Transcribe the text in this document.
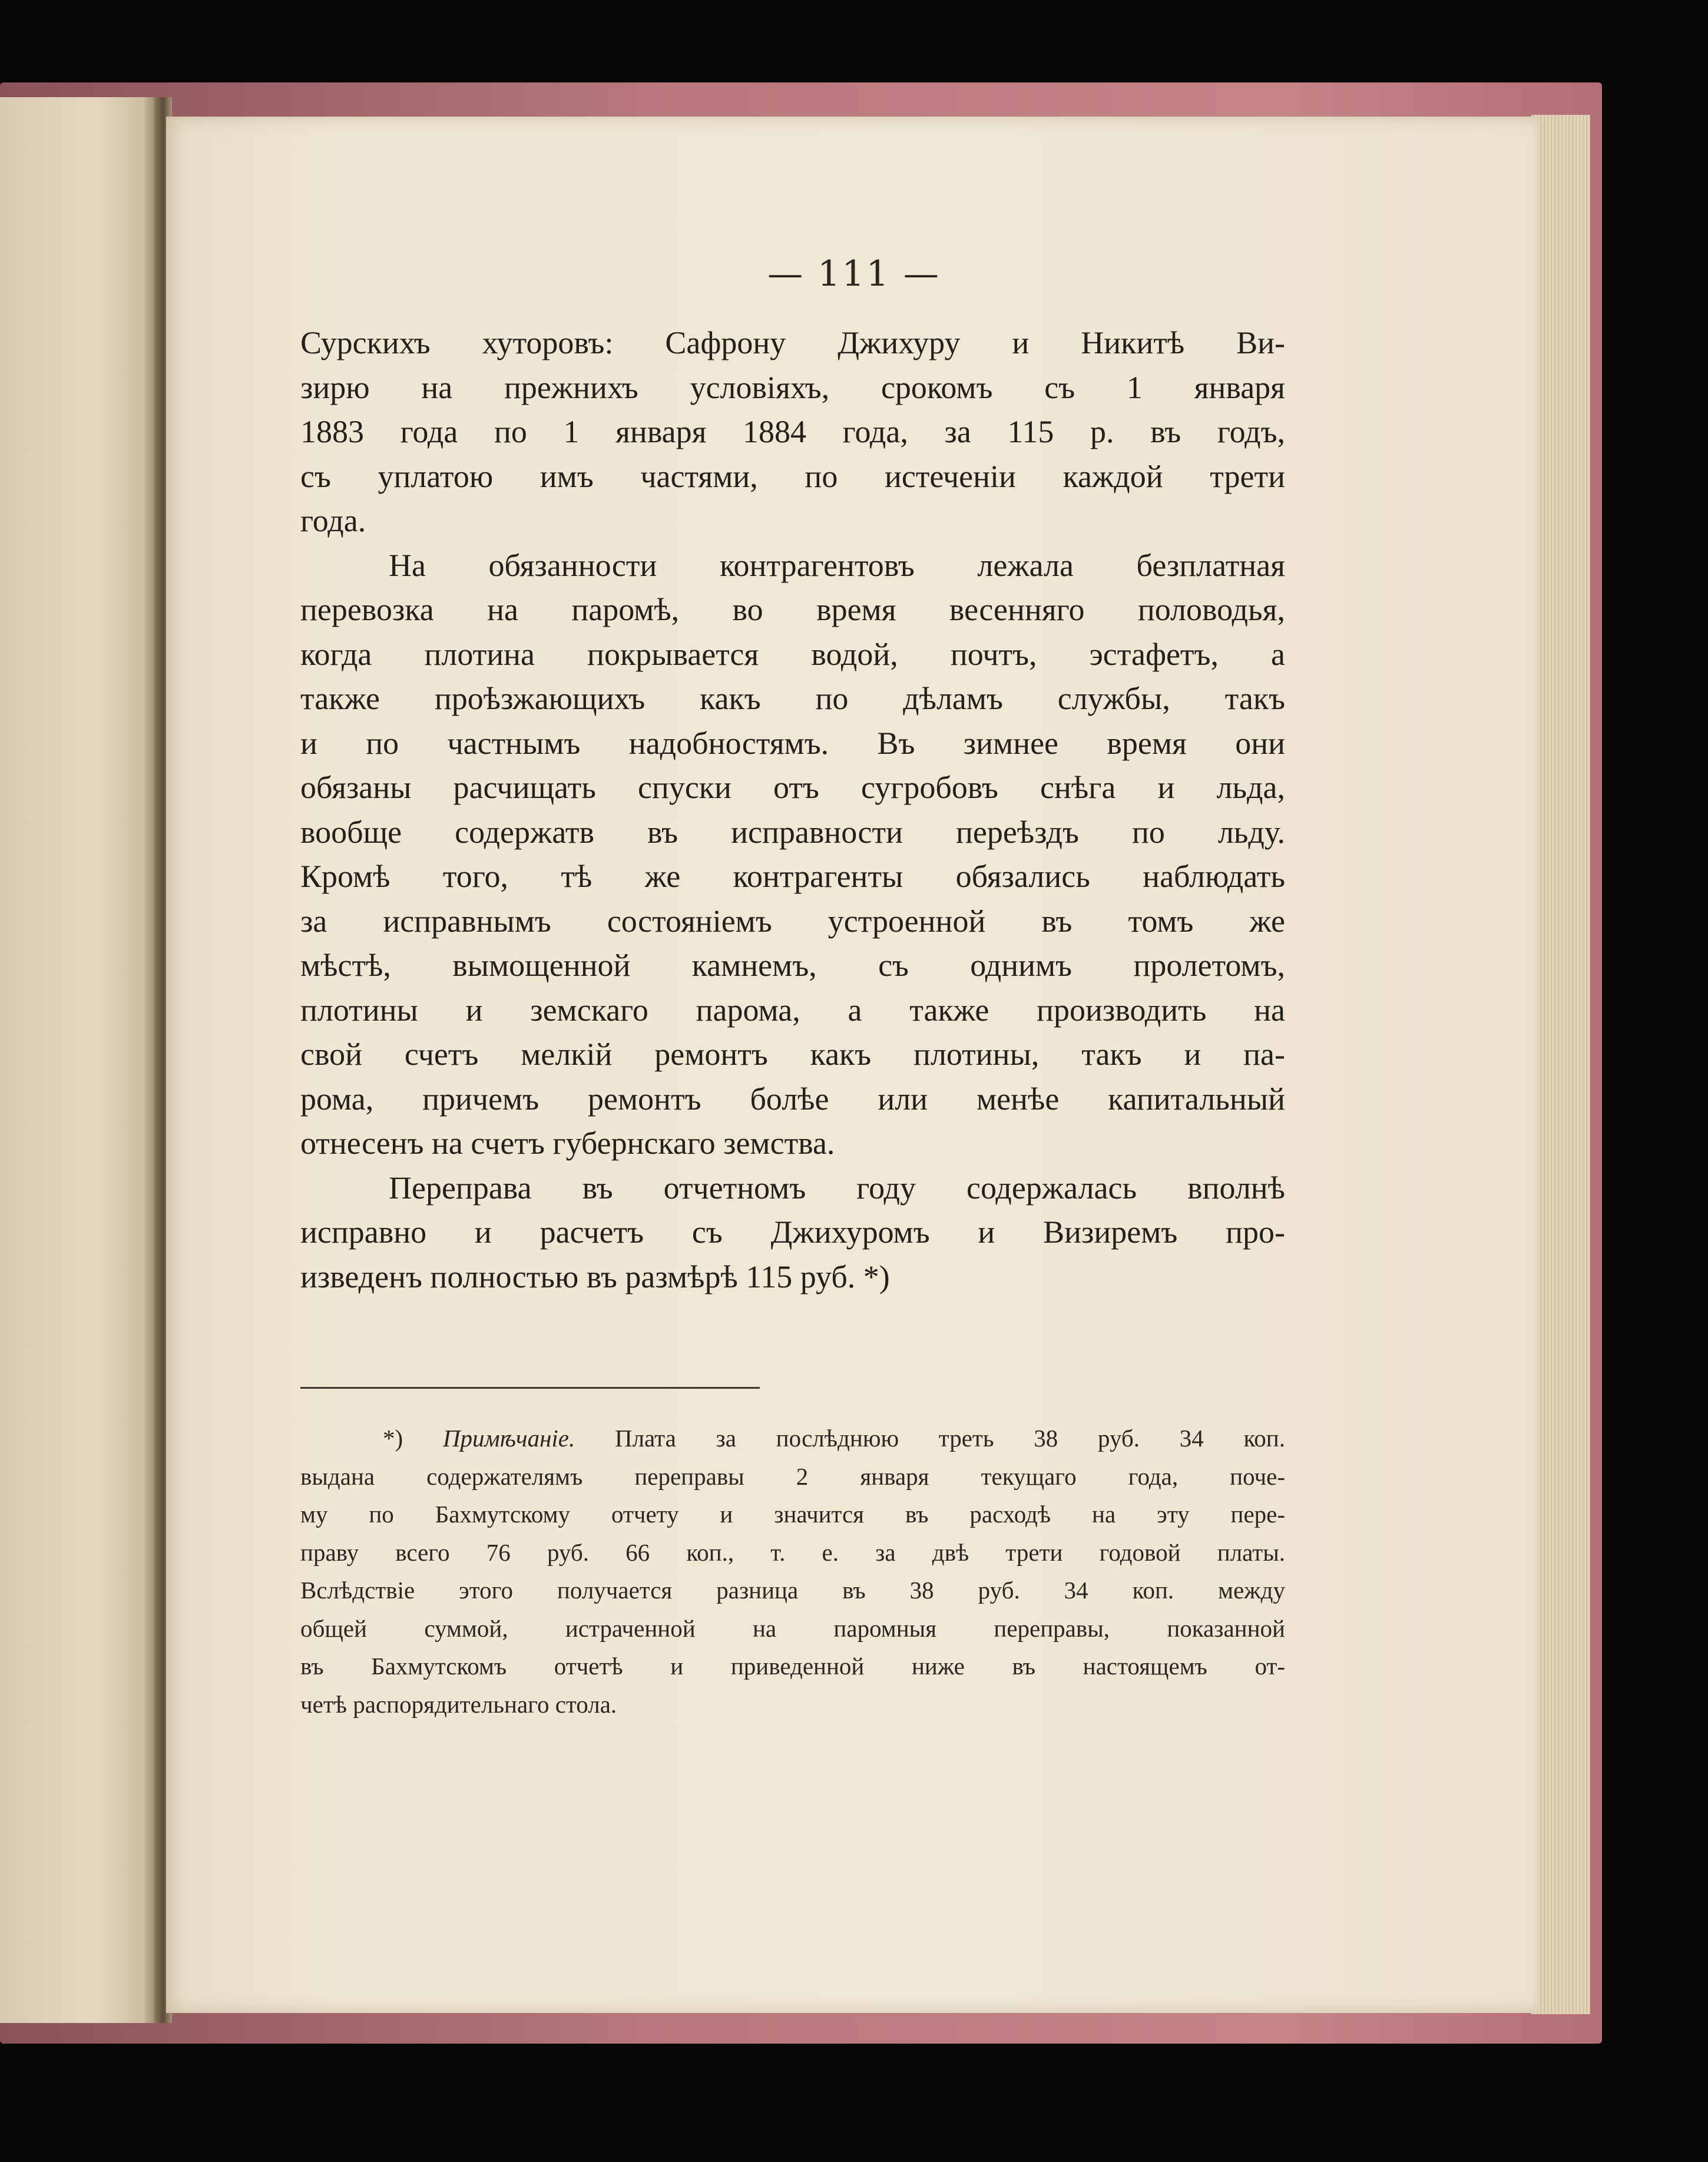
— 111 —
Сурскихъ хуторовъ: Сафрону Джихуру и Никитѣ Ви-
зирю на прежнихъ условіяхъ, срокомъ съ 1 января
1883 года по 1 января 1884 года, за 115 р. въ годъ,
съ уплатою имъ частями, по истеченіи каждой трети
года.
На обязанности контрагентовъ лежала безплатная
перевозка на паромѣ, во время весенняго половодья,
когда плотина покрывается водой, почтъ, эстафетъ, а
также проѣзжающихъ какъ по дѣламъ службы, такъ
и по частнымъ надобностямъ. Въ зимнее время они
обязаны расчищать спуски отъ сугробовъ снѣга и льда,
вообще содержатв въ исправности переѣздъ по льду.
Кромѣ того, тѣ же контрагенты обязались наблюдать
за исправнымъ состояніемъ устроенной въ томъ же
мѣстѣ, вымощенной камнемъ, съ однимъ пролетомъ,
плотины и земскаго парома, а также производить на
свой счетъ мелкій ремонтъ какъ плотины, такъ и па-
рома, причемъ ремонтъ болѣе или менѣе капитальный
отнесенъ на счетъ губернскаго земства.
Переправа въ отчетномъ году содержалась вполнѣ
исправно и расчетъ съ Джихуромъ и Визиремъ про-
изведенъ полностью въ размѣрѣ 115 руб. *)
*) Примѣчаніе. Плата за послѣднюю треть 38 руб. 34 коп.
выдана содержателямъ переправы 2 января текущаго года, поче-
му по Бахмутскому отчету и значится въ расходѣ на эту пере-
праву всего 76 руб. 66 коп., т. е. за двѣ трети годовой платы.
Вслѣдствіе этого получается разница въ 38 руб. 34 коп. между
общей суммой, истраченной на паромныя переправы, показанной
въ Бахмутскомъ отчетѣ и приведенной ниже въ настоящемъ от-
четѣ распорядительнаго стола.
